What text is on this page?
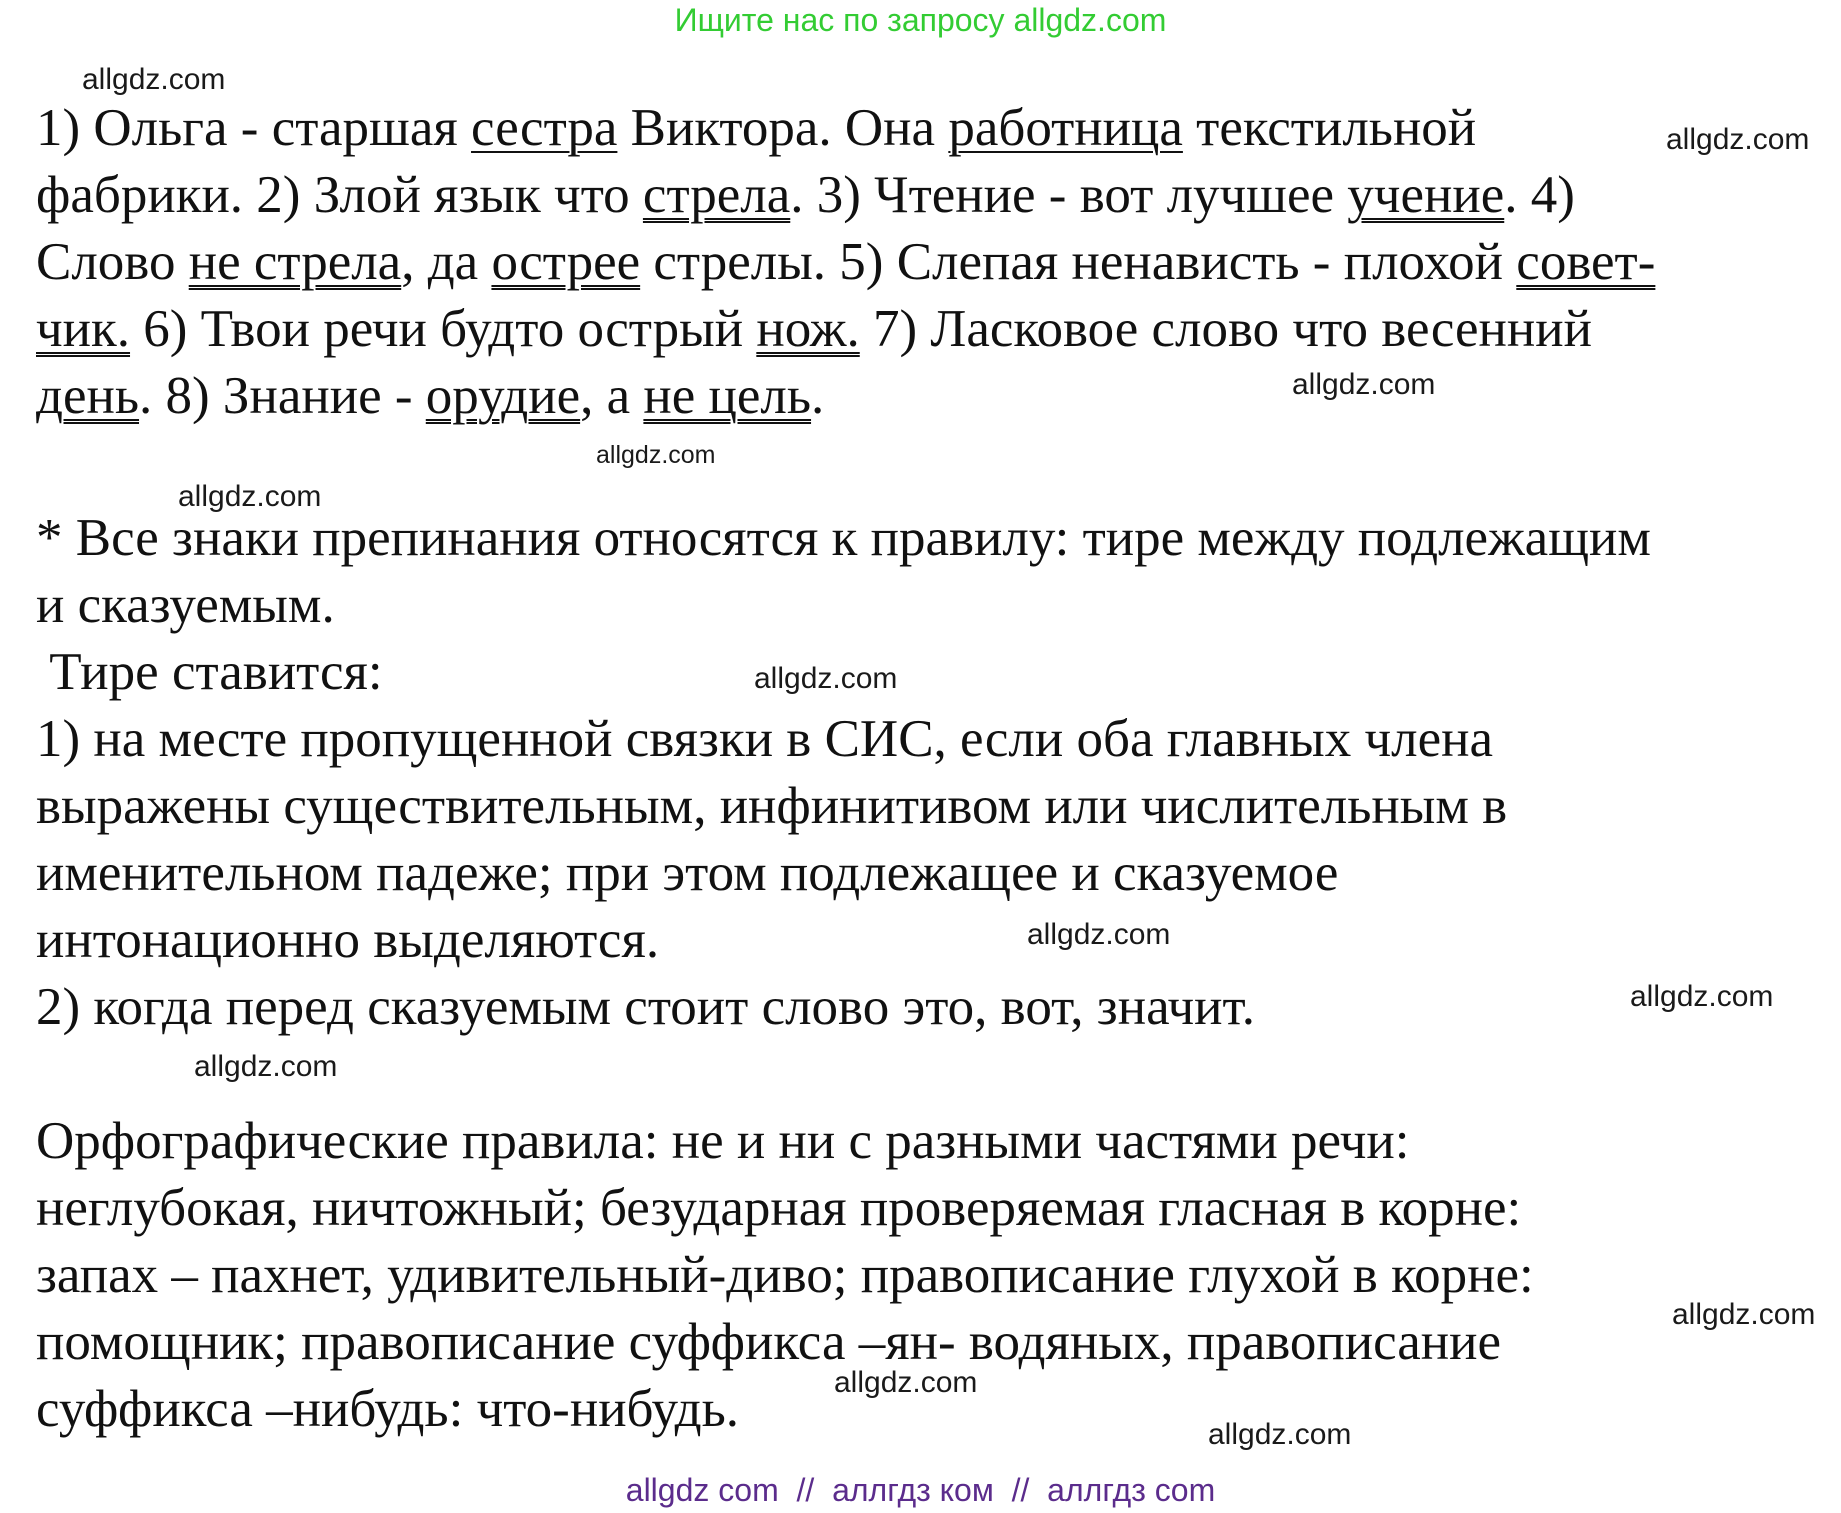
Ищите нас по запросу allgdz.com
1) Ольга - старшая сестра Виктора. Она работница текстильной
фабрики. 2) Злой язык что стрела. 3) Чтение - вот лучшее учение. 4)
Слово не стрела, да острее стрелы. 5) Слепая ненависть - плохой совет-
чик. 6) Твои речи будто острый нож. 7) Ласковое слово что весенний
день. 8) Знание - орудие, а не цель.
* Все знаки препинания относятся к правилу: тире между подлежащим
и сказуемым.
Тире ставится:
1) на месте пропущенной связки в СИС, если оба главных члена
выражены существительным, инфинитивом или числительным в
именительном падеже; при этом подлежащее и сказуемое
интонационно выделяются.
2) когда перед сказуемым стоит слово это, вот, значит.
Орфографические правила: не и ни с разными частями речи:
неглубокая, ничтожный; безударная проверяемая гласная в корне:
запах – пахнет, удивительный-диво; правописание глухой в корне:
помощник; правописание суффикса –ян- водяных, правописание
суффикса –нибудь: что-нибудь.
allgdz.com
allgdz.com
allgdz.com
allgdz.com
allgdz.com
allgdz.com
allgdz.com
allgdz.com
allgdz.com
allgdz.com
allgdz.com
allgdz.com
allgdz com  //  аллгдз ком  //  аллгдз com
